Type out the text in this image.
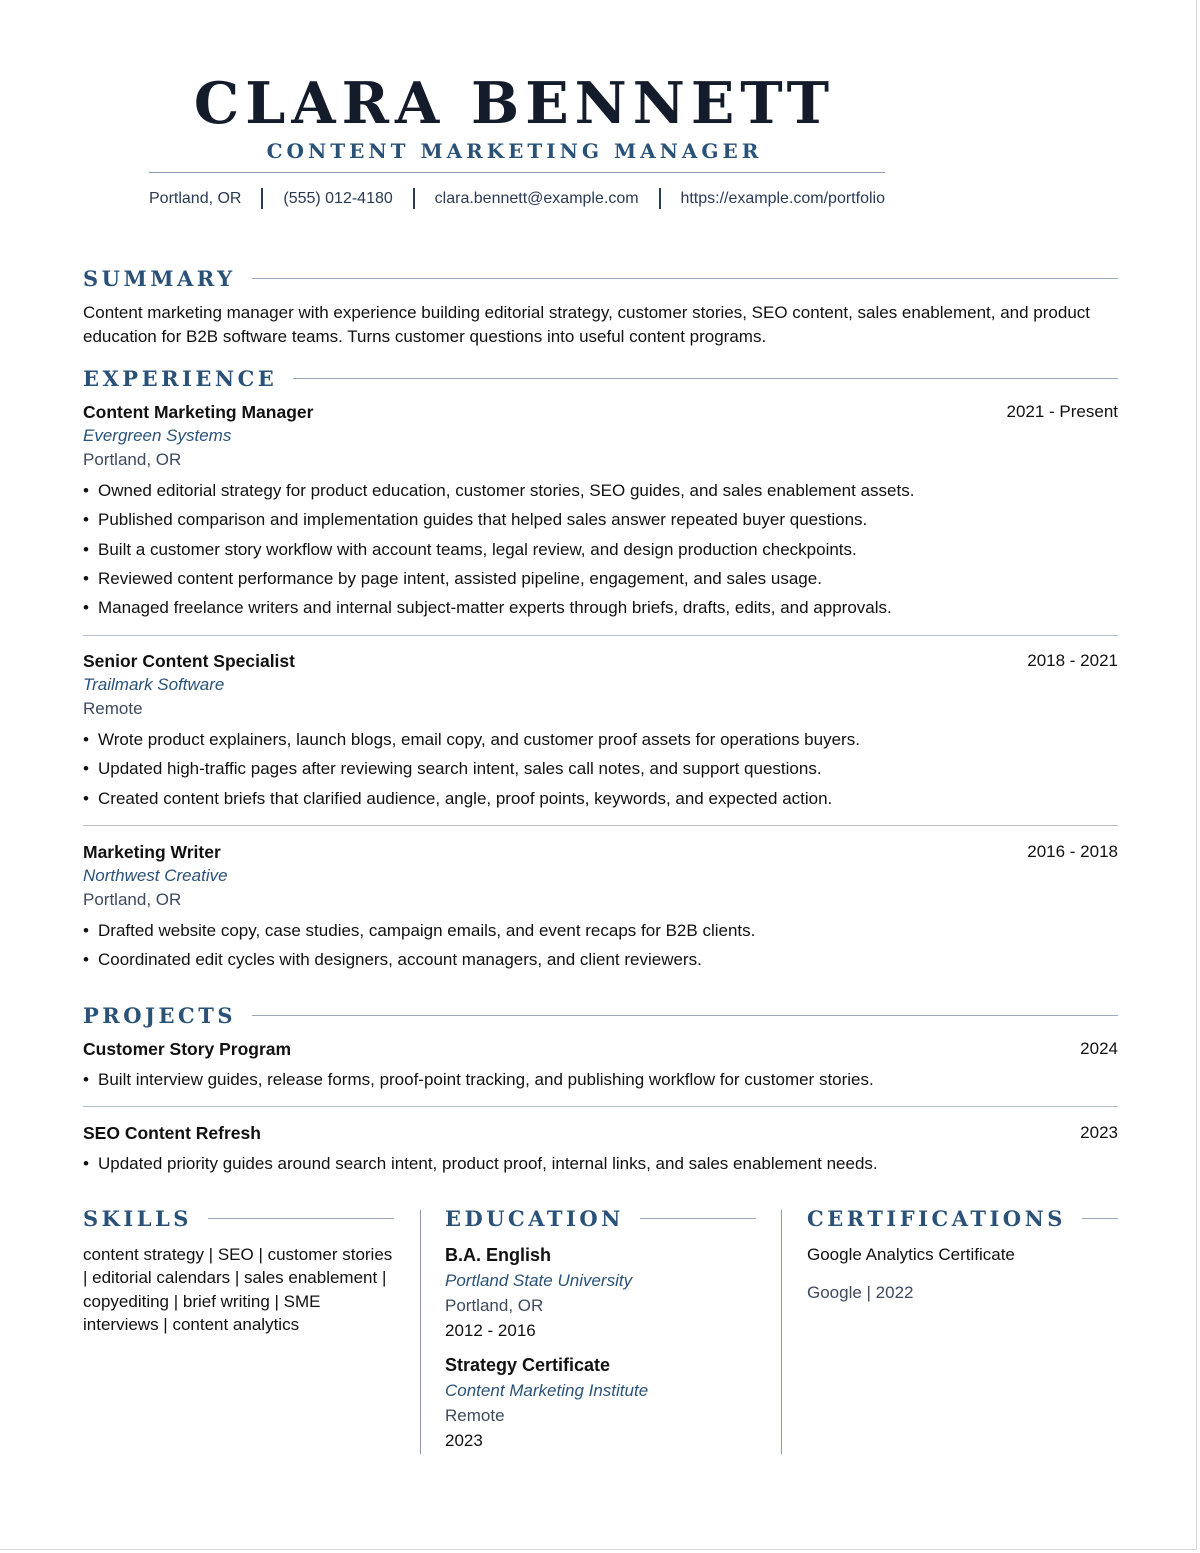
CLARA BENNETT
CONTENT MARKETING MANAGER
Portland, OR	(555) 012-4180	clara.bennett@example.com	https://example.com/portfolio
SUMMARY
Content marketing manager with experience building editorial strategy, customer stories, SEO content, sales enablement, and product education for B2B software teams. Turns customer questions into useful content programs.
EXPERIENCE
Content Marketing Manager	2021 - Present
Evergreen Systems
Portland, OR
• Owned editorial strategy for product education, customer stories, SEO guides, and sales enablement assets.
• Published comparison and implementation guides that helped sales answer repeated buyer questions.
• Built a customer story workflow with account teams, legal review, and design production checkpoints.
• Reviewed content performance by page intent, assisted pipeline, engagement, and sales usage.
• Managed freelance writers and internal subject-matter experts through briefs, drafts, edits, and approvals.
Senior Content Specialist	2018 - 2021
Trailmark Software
Remote
• Wrote product explainers, launch blogs, email copy, and customer proof assets for operations buyers.
• Updated high-traffic pages after reviewing search intent, sales call notes, and support questions.
• Created content briefs that clarified audience, angle, proof points, keywords, and expected action.
Marketing Writer	2016 - 2018
Northwest Creative
Portland, OR
• Drafted website copy, case studies, campaign emails, and event recaps for B2B clients.
• Coordinated edit cycles with designers, account managers, and client reviewers.
PROJECTS
Customer Story Program	2024
• Built interview guides, release forms, proof-point tracking, and publishing workflow for customer stories.
SEO Content Refresh	2023
• Updated priority guides around search intent, product proof, internal links, and sales enablement needs.
SKILLS
content strategy | SEO | customer stories | editorial calendars | sales enablement | copyediting | brief writing | SME interviews | content analytics
EDUCATION
B.A. English
Portland State University
Portland, OR
2012 - 2016
Strategy Certificate
Content Marketing Institute
Remote
2023
CERTIFICATIONS
Google Analytics Certificate
Google | 2022
